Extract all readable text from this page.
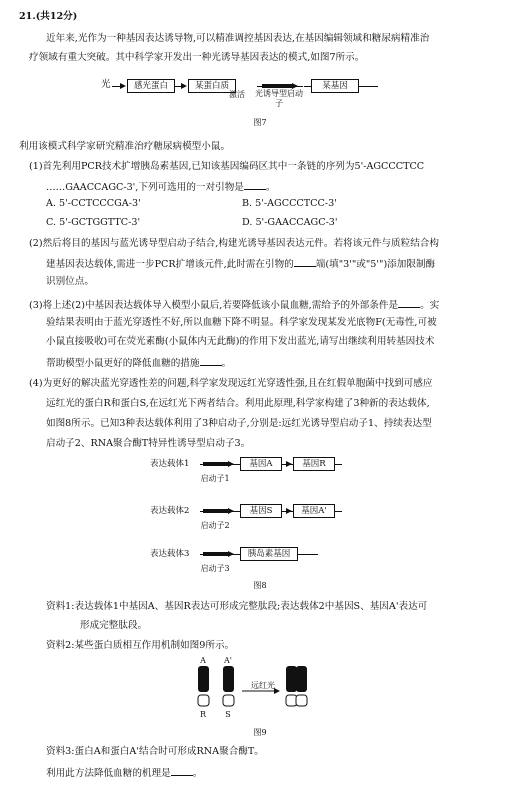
21.(共12分)
近年来,光作为一种基因表达诱导物,可以精准调控基因表达,在基因编辑领域和糖尿病精准治
疗领域有重大突破。其中科学家开发出一种光诱导基因表达的模式,如图7所示。
光	感光蛋白	某蛋白质
激活	光诱导型启动子
某基因
图7
利用该模式科学家研究精准治疗糖尿病模型小鼠。
(1)首先利用PCR技术扩增胰岛素基因,已知该基因编码区其中一条链的序列为5'-AGCCCTCC
……GAACCAGC-3',下列可选用的一对引物是 。
A. 5'-CCTCCCGA-3'	B. 5'-AGCCCTCC-3'
C. 5'-GCTGGTTC-3'	D. 5'-GAACCAGC-3'
(2)然后将目的基因与蓝光诱导型启动子结合,构建光诱导基因表达元件。若将该元件与质粒结合构
建基因表达载体,需进一步PCR扩增该元件,此时需在引物的 端(填"3'"或"5'")添加限制酶
识别位点。
(3)将上述(2)中基因表达载体导入模型小鼠后,若要降低该小鼠血糖,需给予的外部条件是 。实
验结果表明由于蓝光穿透性不好,所以血糖下降不明显。科学家发现某发光底物F(无毒性,可被
小鼠直接吸收)可在荧光素酶(小鼠体内无此酶)的作用下发出蓝光,请写出继续利用转基因技术
帮助模型小鼠更好的降低血糖的措施 。
(4)为更好的解决蓝光穿透性差的问题,科学家发现远红光穿透性强,且在红假单胞菌中找到可感应
远红光的蛋白R和蛋白S,在远红光下两者结合。利用此原理,科学家构建了3种新的表达载体,
如图8所示。已知3种表达载体利用了3种启动子,分别是:远红光诱导型启动子1、持续表达型
启动子2、RNA聚合酶T特异性诱导型启动子3。
表达载体1	基因A	基因R
启动子1
表达载体2	基因S	基因A'
启动子2
表达载体3	胰岛素基因
启动子3
图8
资料1:表达载体1中基因A、基因R表达可形成完整肽段;表达载体2中基因S、基因A'表达可
形成完整肽段。
资料2:某些蛋白质相互作用机制如图9所示。
A	A'
远红光
R	S
图9
资料3:蛋白A和蛋白A'结合时可形成RNA聚合酶T。
利用此方法降低血糖的机理是 。
